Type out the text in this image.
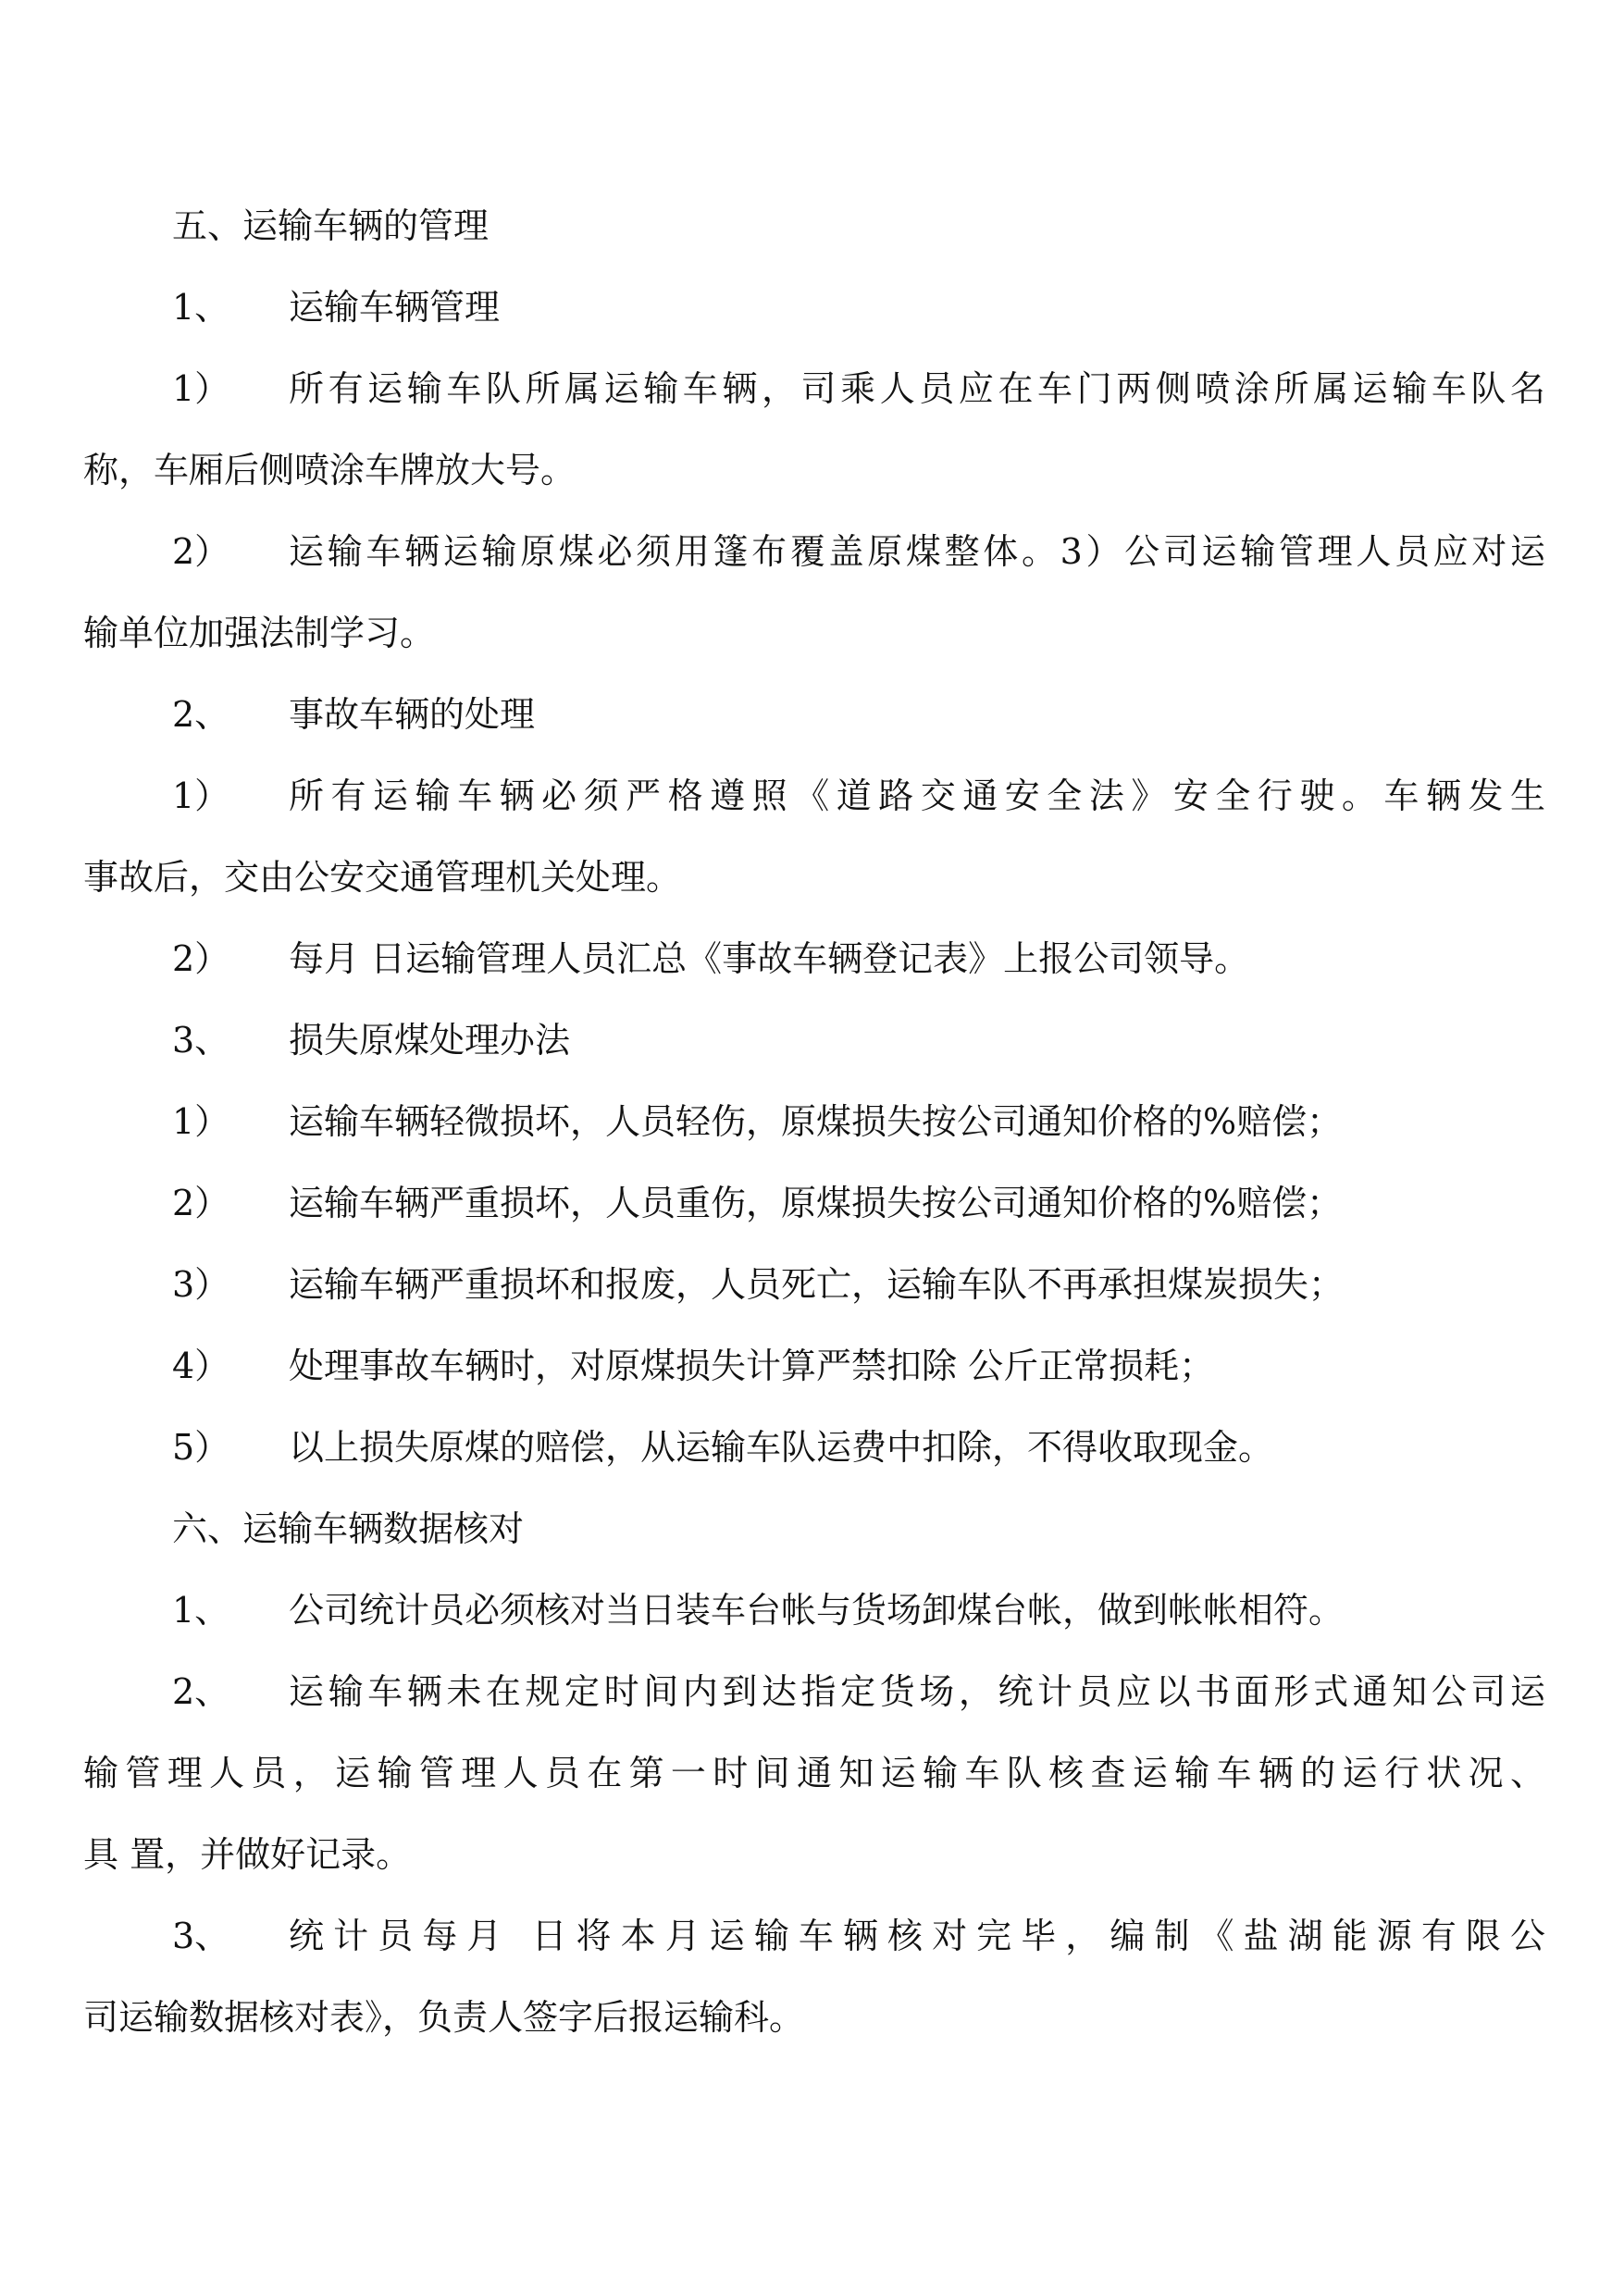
五、运输车辆的管理
1、 运输车辆管理
1） 所有运输车队所属运输车辆，司乘人员应在车门两侧喷涂所属运输车队名
称，车厢后侧喷涂车牌放大号。
2） 运输车辆运输原煤必须用篷布覆盖原煤整体。3）公司运输管理人员应对运
输单位加强法制学习。
2、 事故车辆的处理
1） 所有运输车辆必须严格遵照《道路交通安全法》安全行驶。车辆发生
事故后，交由公安交通管理机关处理。
2） 每月 日运输管理人员汇总《事故车辆登记表》上报公司领导。
3、 损失原煤处理办法
1） 运输车辆轻微损坏，人员轻伤，原煤损失按公司通知价格的%赔偿；
2） 运输车辆严重损坏，人员重伤，原煤损失按公司通知价格的%赔偿；
3） 运输车辆严重损坏和报废，人员死亡，运输车队不再承担煤炭损失；
4） 处理事故车辆时，对原煤损失计算严禁扣除 公斤正常损耗；
5） 以上损失原煤的赔偿，从运输车队运费中扣除，不得收取现金。
六、运输车辆数据核对
1、 公司统计员必须核对当日装车台帐与货场卸煤台帐，做到帐帐相符。
2、 运输车辆未在规定时间内到达指定货场，统计员应以书面形式通知公司运
输管理人员，运输管理人员在第一时间通知运输车队核查运输车辆的运行状况、
具 置，并做好记录。
3、 统计员每月 日将本月运输车辆核对完毕，编制《盐湖能源有限公
司运输数据核对表》，负责人签字后报运输科。
